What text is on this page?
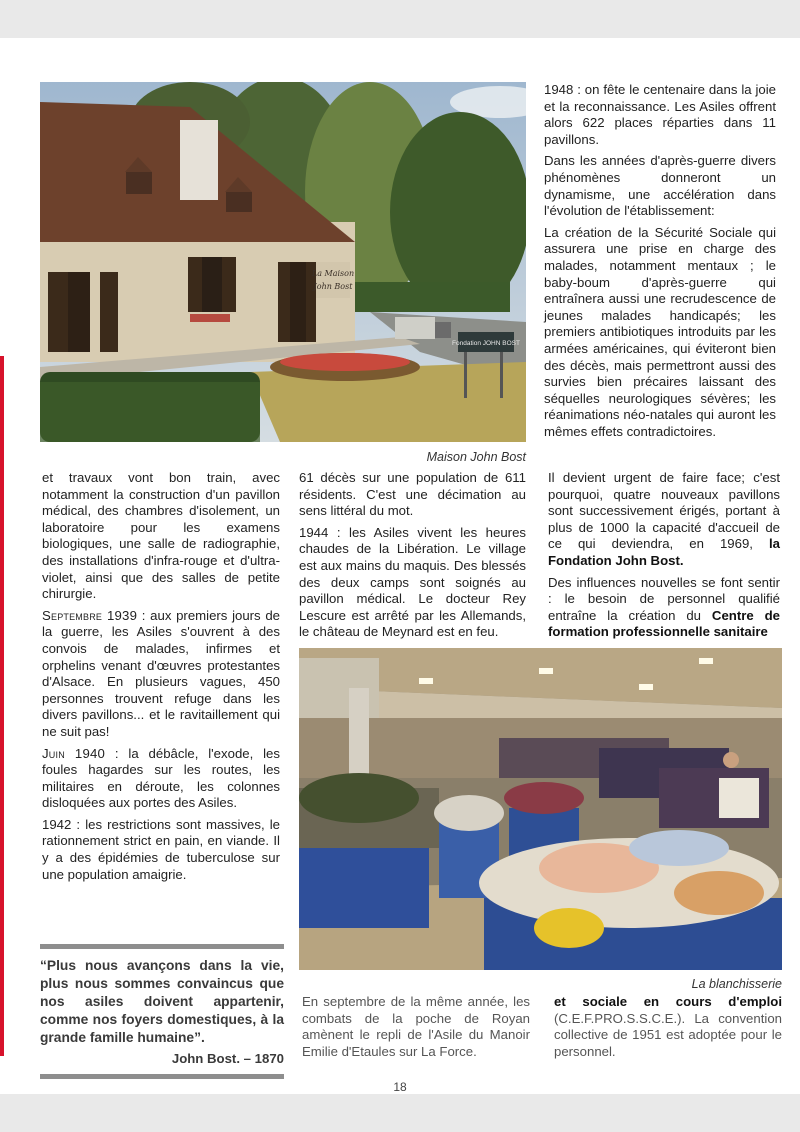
La Maison
John Bost
Fondation JOHN BOST
Maison John Bost

1948 : on fête le centenaire dans la joie et la reconnaissance. Les Asiles offrent alors 622 places réparties dans 11 pavillons.

Dans les années d'après-guerre divers phénomènes donneront un dynamisme, une accélération dans l'évolution de l'établissement:

La création de la Sécurité Sociale qui assurera une prise en charge des malades, notamment mentaux ; le baby-boum d'après-guerre qui entraînera aussi une recrudescence de jeunes malades handicapés; les premiers antibiotiques introduits par les armées américaines, qui éviteront bien des décès, mais permettront aussi des survies bien précaires laissant des séquelles neurologiques sévères; les réanimations néo-natales qui auront les mêmes effets contradictoires.

et travaux vont bon train, avec notamment la construction d'un pavillon médical, des chambres d'isolement, un laboratoire pour les examens biologiques, une salle de radiographie, des installations d'infra-rouge et d'ultra-violet, ainsi que des salles de petite chirurgie.

Septembre 1939 : aux premiers jours de la guerre, les Asiles s'ouvrent à des convois de malades, infirmes et orphelins venant d'œuvres protestantes d'Alsace. En plusieurs vagues, 450 personnes trouvent refuge dans les divers pavillons... et le ravitaillement qui ne suit pas!

Juin 1940 : la débâcle, l'exode, les foules hagardes sur les routes, les militaires en déroute, les colonnes disloquées aux portes des Asiles.

1942 : les restrictions sont massives, le rationnement strict en pain, en viande. Il y a des épidémies de tuberculose sur une population amaigrie.

61 décès sur une population de 611 résidents. C'est une décimation au sens littéral du mot.

1944 : les Asiles vivent les heures chaudes de la Libération. Le village est aux mains du maquis. Des blessés des deux camps sont soignés au pavillon médical. Le docteur Rey Lescure est arrêté par les Allemands, le château de Meynard est en feu.

Il devient urgent de faire face; c'est pourquoi, quatre nouveaux pavillons sont successivement érigés, portant à plus de 1000 la capacité d'accueil de ce qui deviendra, en 1969, la Fondation John Bost.

Des influences nouvelles se font sentir : le besoin de personnel qualifié entraîne la création du Centre de formation professionnelle sanitaire

La blanchisserie
“Plus nous avançons dans la vie, plus nous sommes convaincus que nos asiles doivent appartenir, comme nos foyers domestiques, à la grande famille humaine”.
John Bost. – 1870

En septembre de la même année, les combats de la poche de Royan amènent le repli de l'Asile du Manoir Emilie d'Etaules sur La Force.

et sociale en cours d'emploi (C.E.F.PRO.S.S.C.E.). La convention collective de 1951 est adoptée pour le personnel.

18
